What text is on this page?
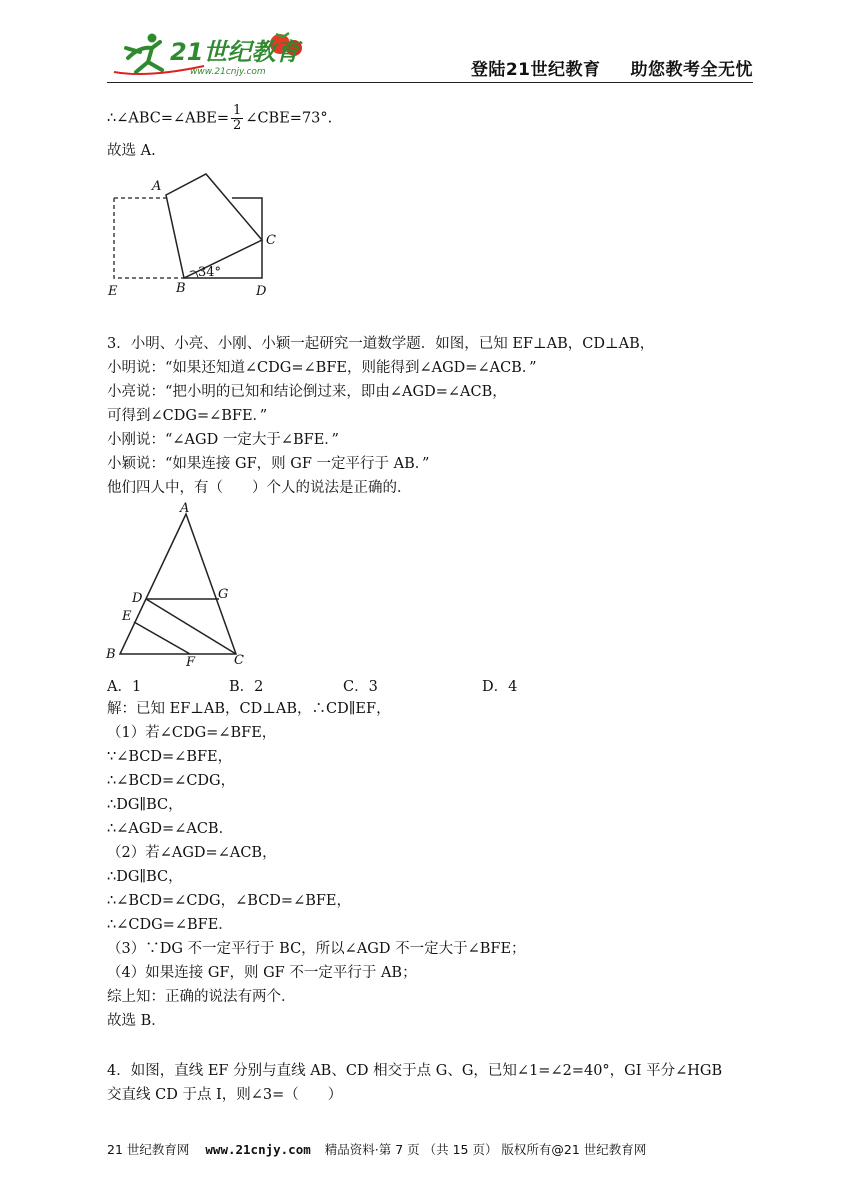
21世纪教育
www.21cnjy.com	登陆21世纪教育 助您教考全无忧
∴∠ABC=∠ABE= $\frac{1}{2}$ ∠CBE=73°.
故选 A.
A
B
C
D
E
34°
3．小明、小亮、小刚、小颖一起研究一道数学题．如图，已知 EF⊥AB，CD⊥AB，
小明说：“如果还知道∠CDG=∠BFE，则能得到∠AGD=∠ACB．”
小亮说：“把小明的已知和结论倒过来，即由∠AGD=∠ACB，
可得到∠CDG=∠BFE．”
小刚说：“∠AGD 一定大于∠BFE．”
小颖说：“如果连接 GF，则 GF 一定平行于 AB．”
他们四人中，有（　　）个人的说法是正确的．
A
B	C
D
E
F
G
A．1	B．2	C．3	D．4
解：已知 EF⊥AB，CD⊥AB，∴CD∥EF，
（1）若∠CDG=∠BFE，
∵∠BCD=∠BFE，
∴∠BCD=∠CDG，
∴DG∥BC，
∴∠AGD=∠ACB．
（2）若∠AGD=∠ACB，
∴DG∥BC，
∴∠BCD=∠CDG，∠BCD=∠BFE，
∴∠CDG=∠BFE．
（3）∵DG 不一定平行于 BC，所以∠AGD 不一定大于∠BFE；
（4）如果连接 GF，则 GF 不一定平行于 AB；
综上知：正确的说法有两个．
故选 B．
4．如图，直线 EF 分别与直线 AB、CD 相交于点 G、G，已知∠1=∠2=40°，GI 平分∠HGB
交直线 CD 于点 I，则∠3=（　　）
21 世纪教育网 www.21cnjy.com 精品资料·第 7 页 （共 15 页） 版权所有@21 世纪教育网
